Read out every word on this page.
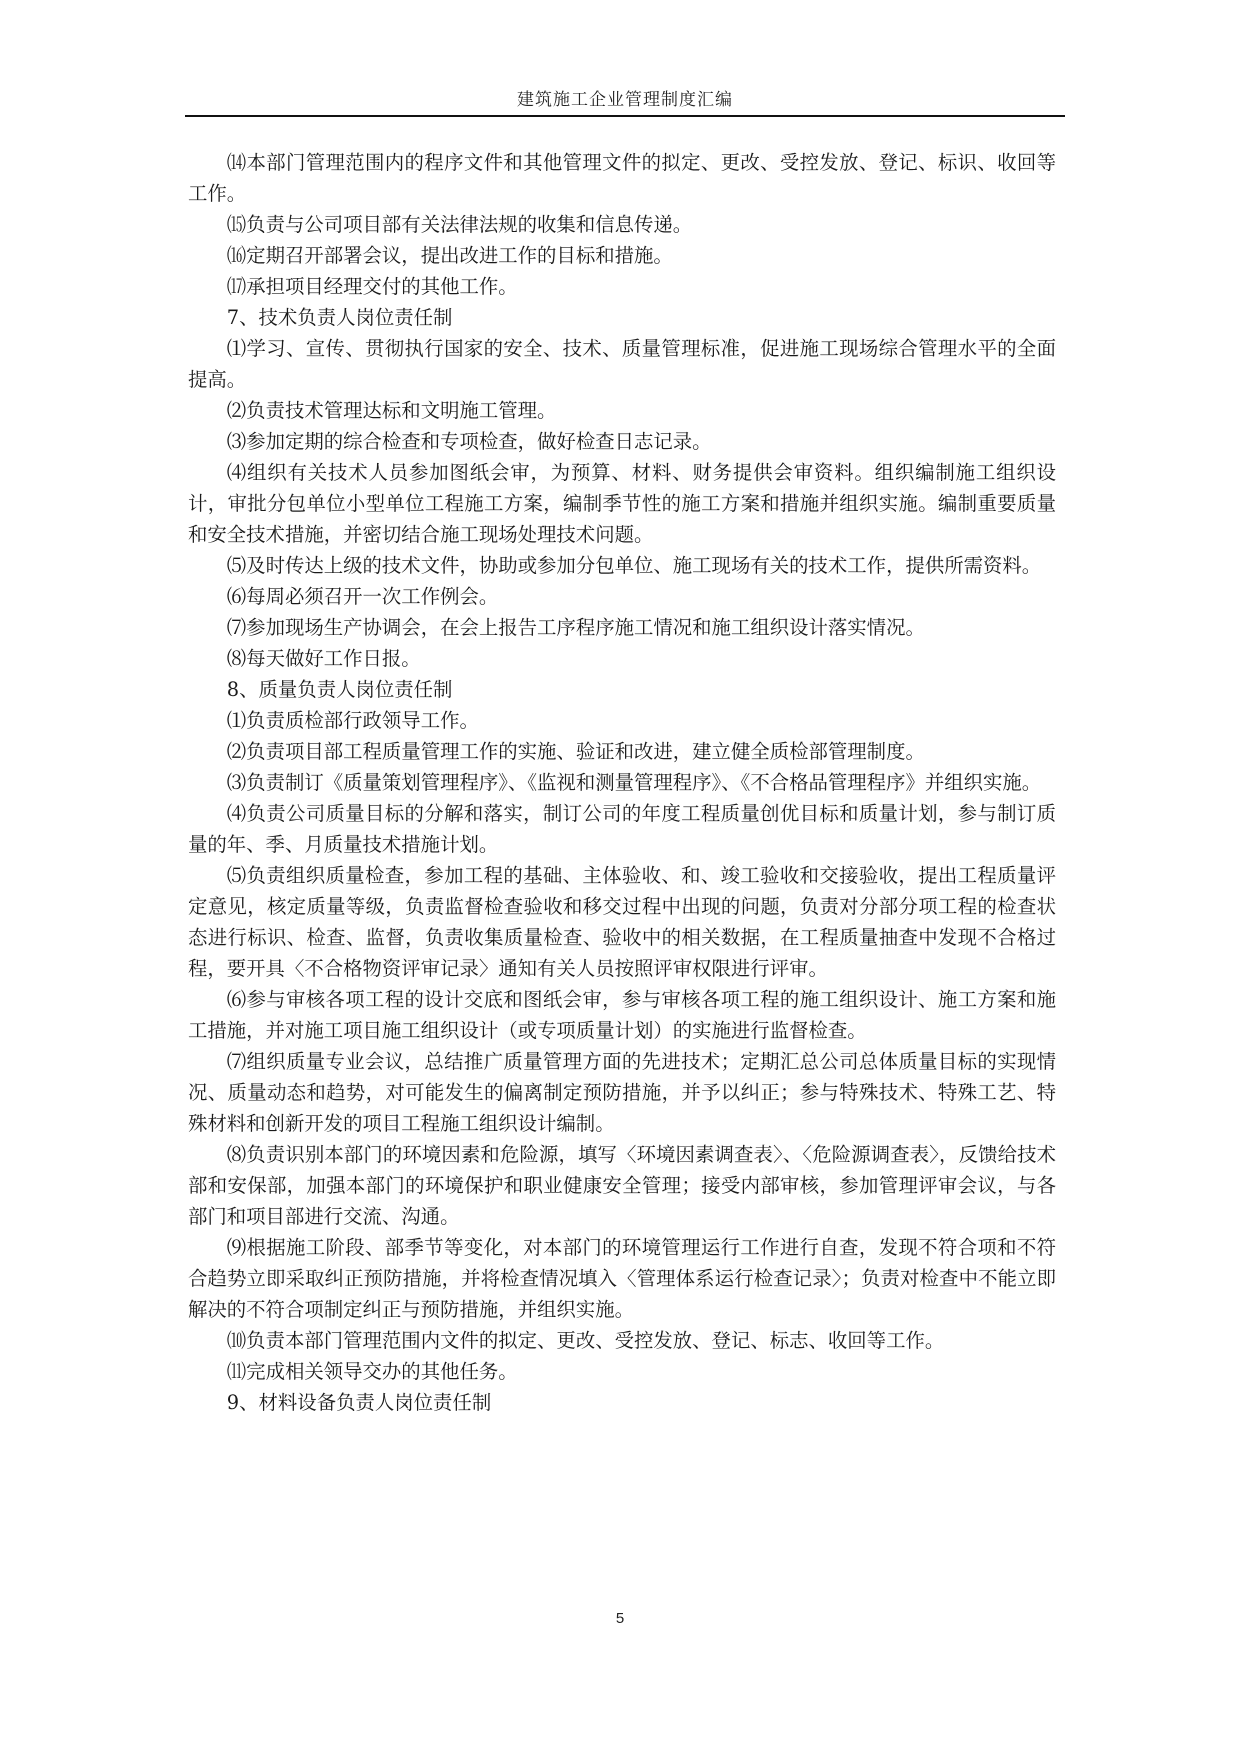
建筑施工企业管理制度汇编

⒁本部门管理范围内的程序文件和其他管理文件的拟定、更改、受控发放、登记、标识、收回等工作。

⒂负责与公司项目部有关法律法规的收集和信息传递。

⒃定期召开部署会议，提出改进工作的目标和措施。

⒄承担项目经理交付的其他工作。

7、技术负责人岗位责任制

⑴学习、宣传、贯彻执行国家的安全、技术、质量管理标准，促进施工现场综合管理水平的全面提高。

⑵负责技术管理达标和文明施工管理。

⑶参加定期的综合检查和专项检查，做好检查日志记录。

⑷组织有关技术人员参加图纸会审，为预算、材料、财务提供会审资料。组织编制施工组织设计，审批分包单位小型单位工程施工方案，编制季节性的施工方案和措施并组织实施。编制重要质量和安全技术措施，并密切结合施工现场处理技术问题。

⑸及时传达上级的技术文件，协助或参加分包单位、施工现场有关的技术工作，提供所需资料。

⑹每周必须召开一次工作例会。

⑺参加现场生产协调会，在会上报告工序程序施工情况和施工组织设计落实情况。

⑻每天做好工作日报。

8、质量负责人岗位责任制

⑴负责质检部行政领导工作。

⑵负责项目部工程质量管理工作的实施、验证和改进，建立健全质检部管理制度。

⑶负责制订《质量策划管理程序》、《监视和测量管理程序》、《不合格品管理程序》并组织实施。

⑷负责公司质量目标的分解和落实，制订公司的年度工程质量创优目标和质量计划，参与制订质量的年、季、月质量技术措施计划。

⑸负责组织质量检查，参加工程的基础、主体验收、和、竣工验收和交接验收，提出工程质量评定意见，核定质量等级，负责监督检查验收和移交过程中出现的问题，负责对分部分项工程的检查状态进行标识、检查、监督，负责收集质量检查、验收中的相关数据，在工程质量抽查中发现不合格过程，要开具〈不合格物资评审记录〉通知有关人员按照评审权限进行评审。

⑹参与审核各项工程的设计交底和图纸会审，参与审核各项工程的施工组织设计、施工方案和施工措施，并对施工项目施工组织设计（或专项质量计划）的实施进行监督检查。

⑺组织质量专业会议，总结推广质量管理方面的先进技术；定期汇总公司总体质量目标的实现情况、质量动态和趋势，对可能发生的偏离制定预防措施，并予以纠正；参与特殊技术、特殊工艺、特殊材料和创新开发的项目工程施工组织设计编制。

⑻负责识别本部门的环境因素和危险源，填写〈环境因素调查表〉、〈危险源调查表〉，反馈给技术部和安保部，加强本部门的环境保护和职业健康安全管理；接受内部审核，参加管理评审会议，与各部门和项目部进行交流、沟通。

⑼根据施工阶段、部季节等变化，对本部门的环境管理运行工作进行自查，发现不符合项和不符合趋势立即采取纠正预防措施，并将检查情况填入〈管理体系运行检查记录〉；负责对检查中不能立即解决的不符合项制定纠正与预防措施，并组织实施。

⑽负责本部门管理范围内文件的拟定、更改、受控发放、登记、标志、收回等工作。

⑾完成相关领导交办的其他任务。

9、材料设备负责人岗位责任制

5
